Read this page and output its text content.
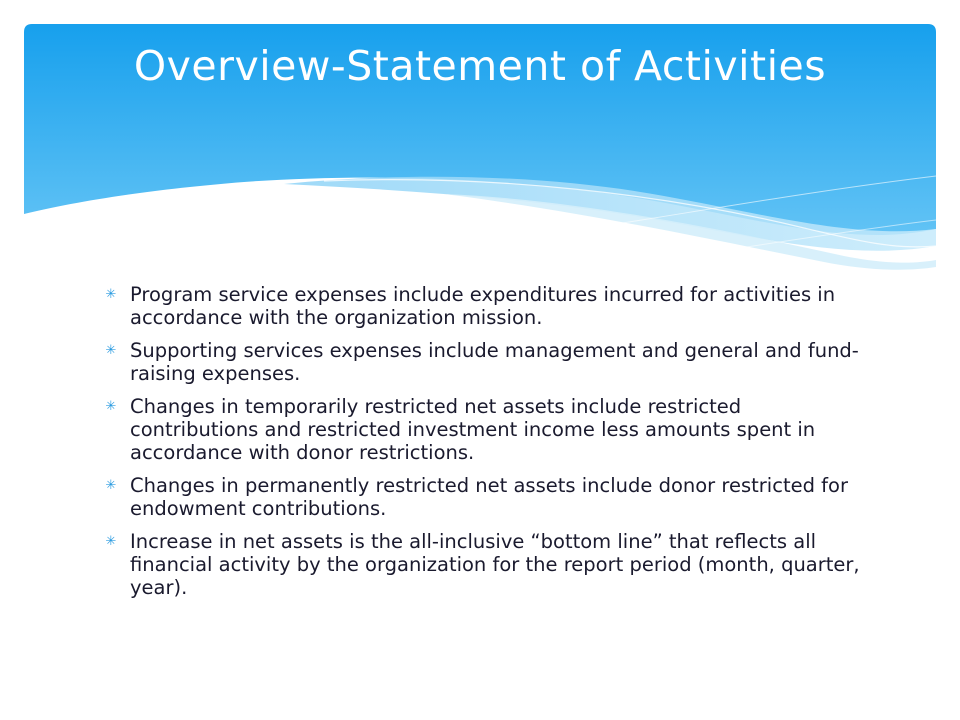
Overview-Statement of Activities
✳ Program service expenses include expenditures incurred for activities in accordance with the organization mission.
✳ Supporting services expenses include management and general and fund-raising expenses.
✳ Changes in temporarily restricted net assets include restricted contributions and restricted investment income less amounts spent in accordance with donor restrictions.
✳ Changes in permanently restricted net assets include donor restricted for endowment contributions.
✳ Increase in net assets is the all-inclusive “bottom line” that reflects all financial activity by the organization for the report period (month, quarter, year).
